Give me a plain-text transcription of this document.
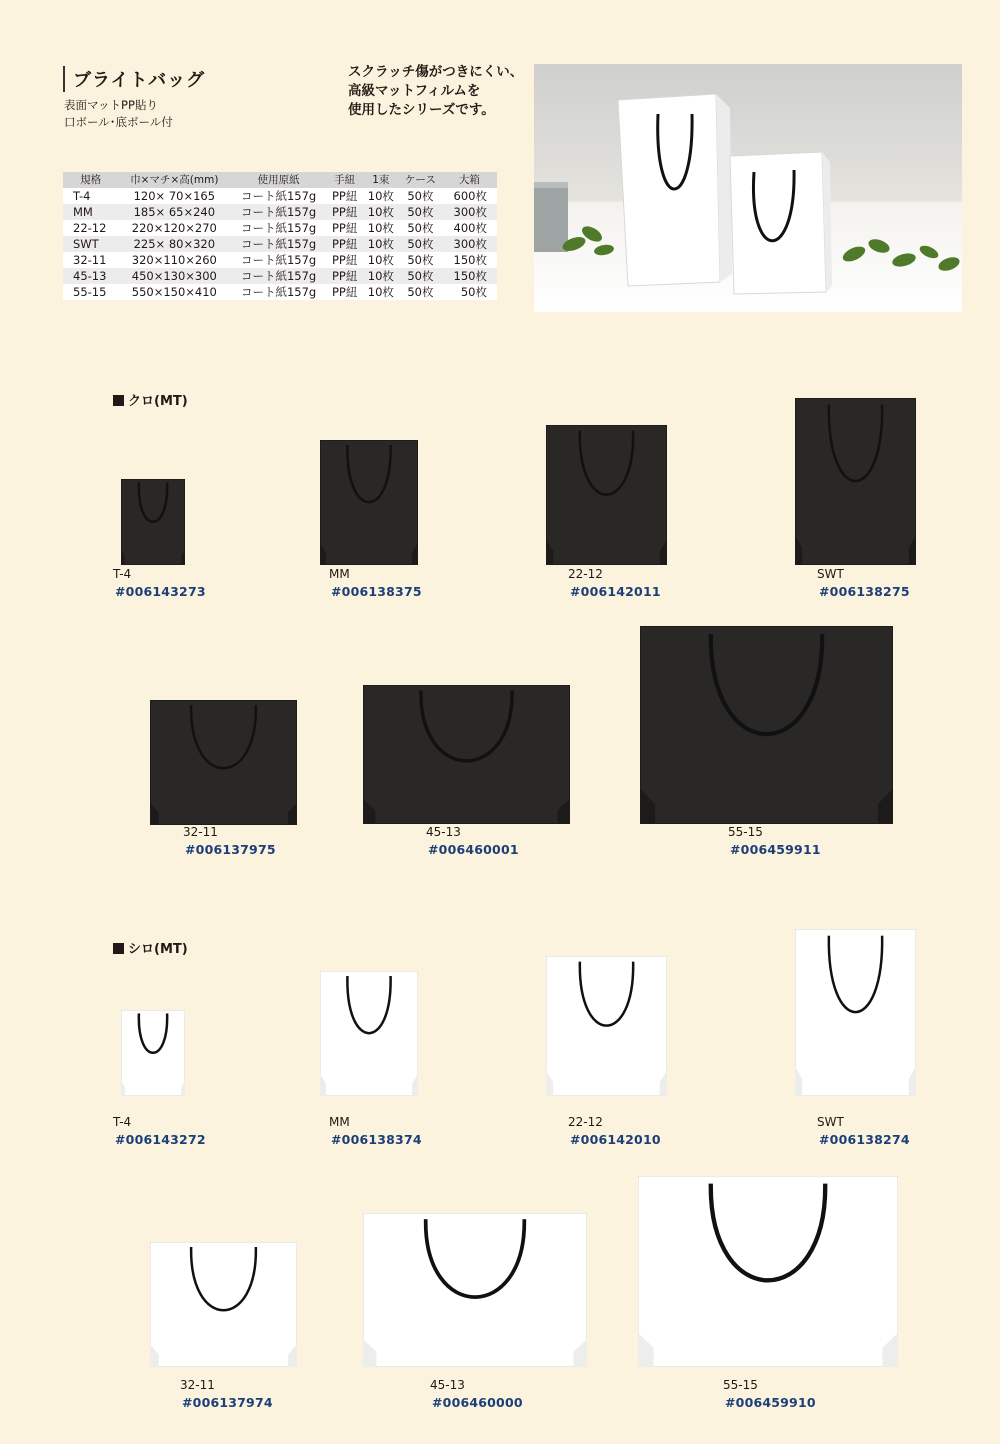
ブライトバッグ
表面マットPP貼り
口ボール･底ボール付
スクラッチ傷がつきにくい、
高級マットフィルムを
使用したシリーズです。
規格	巾×マチ×高(mm)	使用原紙	手紐	1束	ケース	大箱
T-4	120× 70×165	コート紙157g	PP紐	10枚	50枚	600枚
MM	185× 65×240	コート紙157g	PP紐	10枚	50枚	300枚
22-12	220×120×270	コート紙157g	PP紐	10枚	50枚	400枚
SWT	225× 80×320	コート紙157g	PP紐	10枚	50枚	300枚
32-11	320×110×260	コート紙157g	PP紐	10枚	50枚	150枚
45-13	450×130×300	コート紙157g	PP紐	10枚	50枚	150枚
55-15	550×150×410	コート紙157g	PP紐	10枚	50枚	50枚
クロ(MT)
シロ(MT)
T-4
#006143273
MM
#006138375
22-12
#006142011
SWT
#006138275
32-11
#006137975
45-13
#006460001
55-15
#006459911
T-4
#006143272
MM
#006138374
22-12
#006142010
SWT
#006138274
32-11
#006137974
45-13
#006460000
55-15
#006459910
